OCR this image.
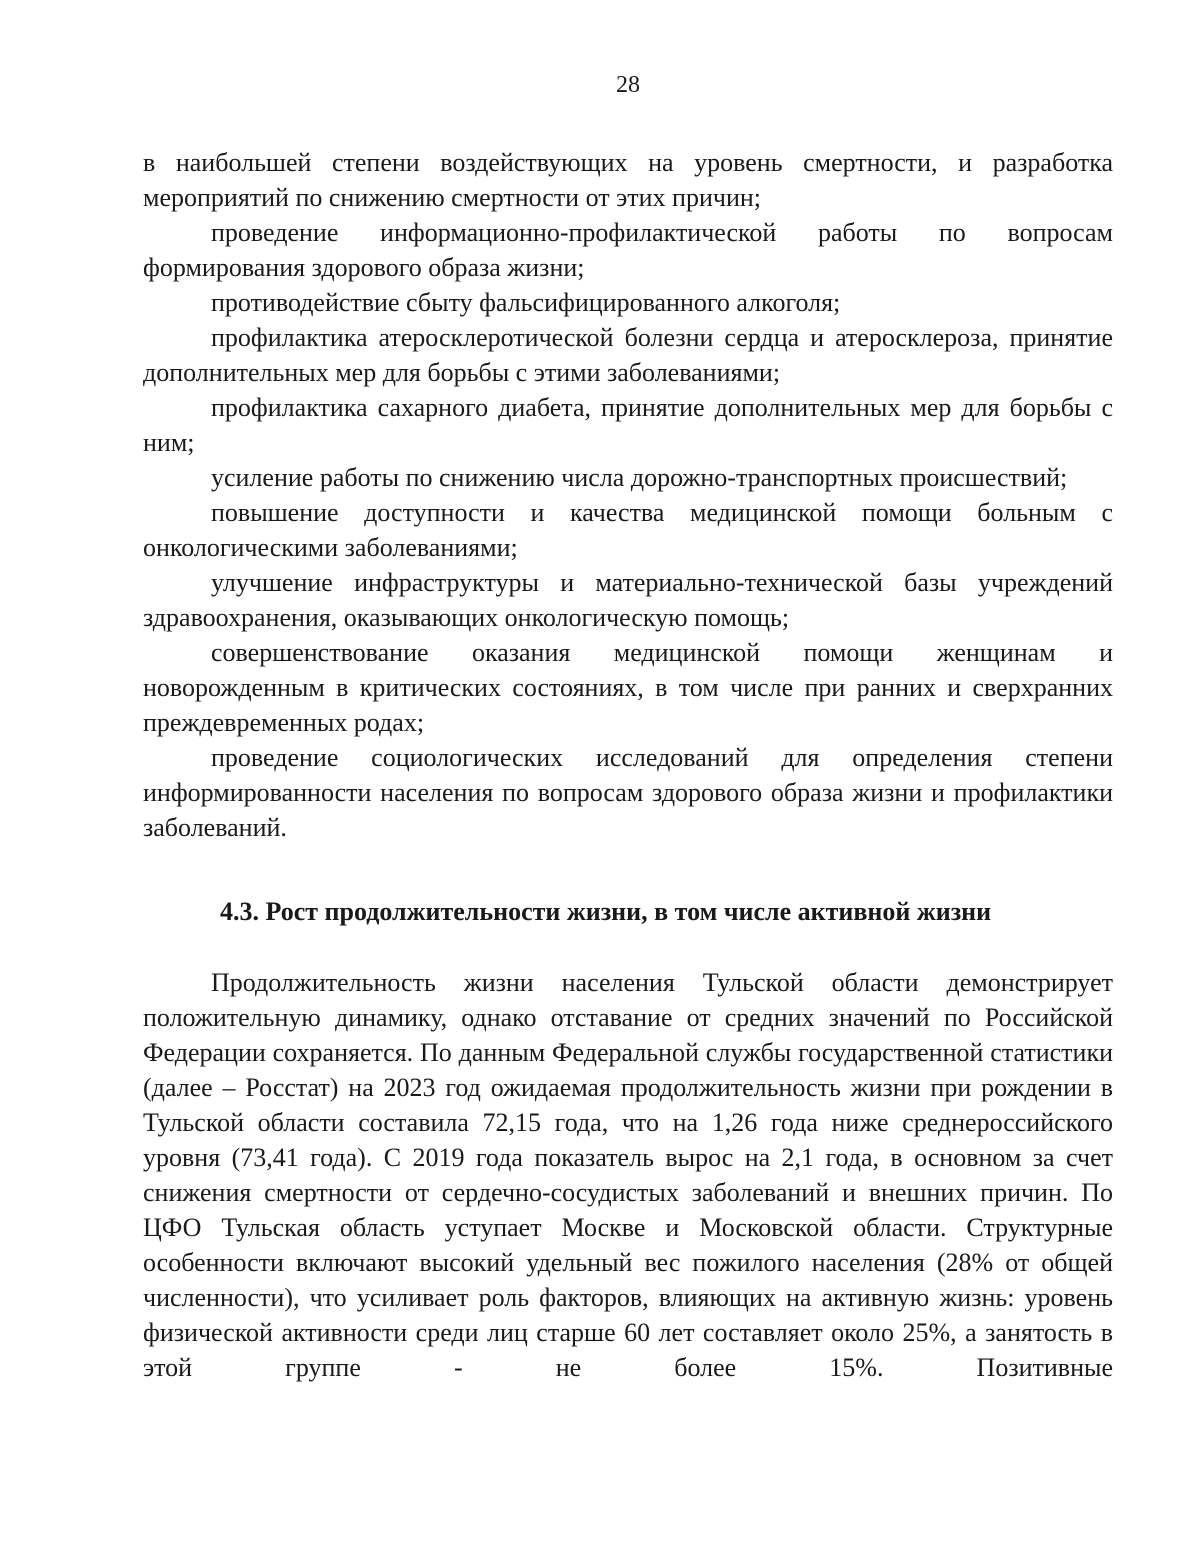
28

в наибольшей степени воздействующих на уровень смертности, и разработка мероприятий по снижению смертности от этих причин;

проведение информационно-профилактической работы по вопросам формирования здорового образа жизни;

противодействие сбыту фальсифицированного алкоголя;

профилактика атеросклеротической болезни сердца и атеросклероза, принятие дополнительных мер для борьбы с этими заболеваниями;

профилактика сахарного диабета, принятие дополнительных мер для борьбы с ним;

усиление работы по снижению числа дорожно-транспортных происшествий;

повышение доступности и качества медицинской помощи больным с онкологическими заболеваниями;

улучшение инфраструктуры и материально-технической базы учреждений здравоохранения, оказывающих онкологическую помощь;

совершенствование оказания медицинской помощи женщинам и новорожденным в критических состояниях, в том числе при ранних и сверхранних преждевременных родах;

проведение социологических исследований для определения степени информированности населения по вопросам здорового образа жизни и профилактики заболеваний.

4.3. Рост продолжительности жизни, в том числе активной жизни

Продолжительность жизни населения Тульской области демонстрирует положительную динамику, однако отставание от средних значений по Российской Федерации сохраняется. По данным Федеральной службы государственной статистики (далее – Росстат) на 2023 год ожидаемая продолжительность жизни при рождении в Тульской области составила 72,15 года, что на 1,26 года ниже среднероссийского уровня (73,41 года). С 2019 года показатель вырос на 2,1 года, в основном за счет снижения смертности от сердечно-сосудистых заболеваний и внешних причин. По ЦФО Тульская область уступает Москве и Московской области. Структурные особенности включают высокий удельный вес пожилого населения (28% от общей численности), что усиливает роль факторов, влияющих на активную жизнь: уровень физической активности среди лиц старше 60 лет составляет около 25%, а занятость в этой группе - не более 15%. Позитивные
